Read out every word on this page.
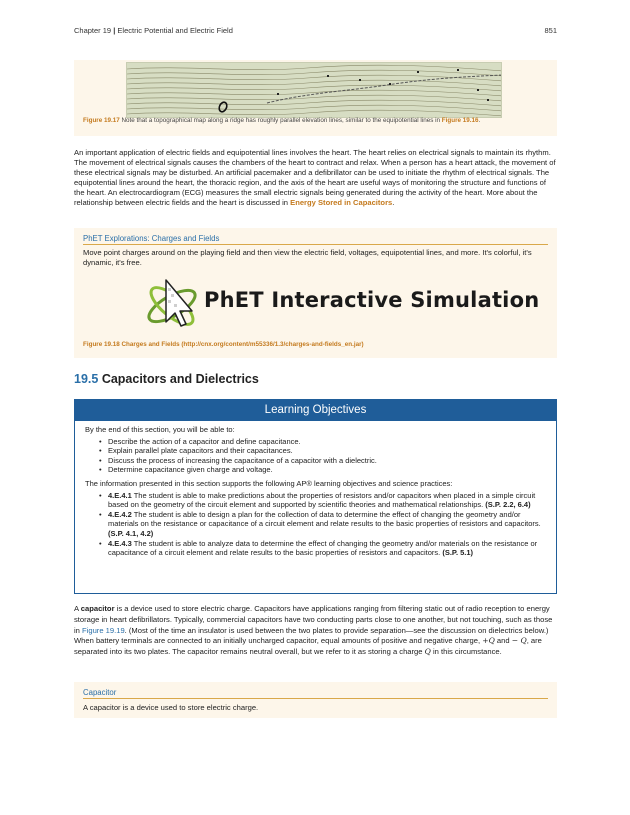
Chapter 19 | Electric Potential and Electric Field	851
Figure 19.17 Note that a topographical map along a ridge has roughly parallel elevation lines, similar to the equipotential lines in Figure 19.16.
An important application of electric fields and equipotential lines involves the heart. The heart relies on electrical signals to maintain its rhythm. The movement of electrical signals causes the chambers of the heart to contract and relax. When a person has a heart attack, the movement of these electrical signals may be disturbed. An artificial pacemaker and a defibrillator can be used to initiate the rhythm of electrical signals. The equipotential lines around the heart, the thoracic region, and the axis of the heart are useful ways of monitoring the structure and functions of the heart. An electrocardiogram (ECG) measures the small electric signals being generated during the activity of the heart. More about the relationship between electric fields and the heart is discussed in Energy Stored in Capacitors.
PhET Explorations: Charges and Fields
Move point charges around on the playing field and then view the electric field, voltages, equipotential lines, and more. It's colorful, it's dynamic, it's free.
PhET Interactive Simulation
Figure 19.18 Charges and Fields (http://cnx.org/content/m55336/1.3/charges-and-fields_en.jar)
19.5 Capacitors and Dielectrics
Learning Objectives

By the end of this section, you will be able to:

• Describe the action of a capacitor and define capacitance.
• Explain parallel plate capacitors and their capacitances.
• Discuss the process of increasing the capacitance of a capacitor with a dielectric.
• Determine capacitance given charge and voltage.

The information presented in this section supports the following AP® learning objectives and science practices:

• 4.E.4.1 The student is able to make predictions about the properties of resistors and/or capacitors when placed in a simple circuit based on the geometry of the circuit element and supported by scientific theories and mathematical relationships. (S.P. 2.2, 6.4)
• 4.E.4.2 The student is able to design a plan for the collection of data to determine the effect of changing the geometry and/or materials on the resistance or capacitance of a circuit element and relate results to the basic properties of resistors and capacitors. (S.P. 4.1, 4.2)
• 4.E.4.3 The student is able to analyze data to determine the effect of changing the geometry and/or materials on the resistance or capacitance of a circuit element and relate results to the basic properties of resistors and capacitors. (S.P. 5.1)
A capacitor is a device used to store electric charge. Capacitors have applications ranging from filtering static out of radio reception to energy storage in heart defibrillators. Typically, commercial capacitors have two conducting parts close to one another, but not touching, such as those in Figure 19.19. (Most of the time an insulator is used between the two plates to provide separation—see the discussion on dielectrics below.) When battery terminals are connected to an initially uncharged capacitor, equal amounts of positive and negative charge, +Q and − Q, are separated into its two plates. The capacitor remains neutral overall, but we refer to it as storing a charge Q in this circumstance.
Capacitor
A capacitor is a device used to store electric charge.
